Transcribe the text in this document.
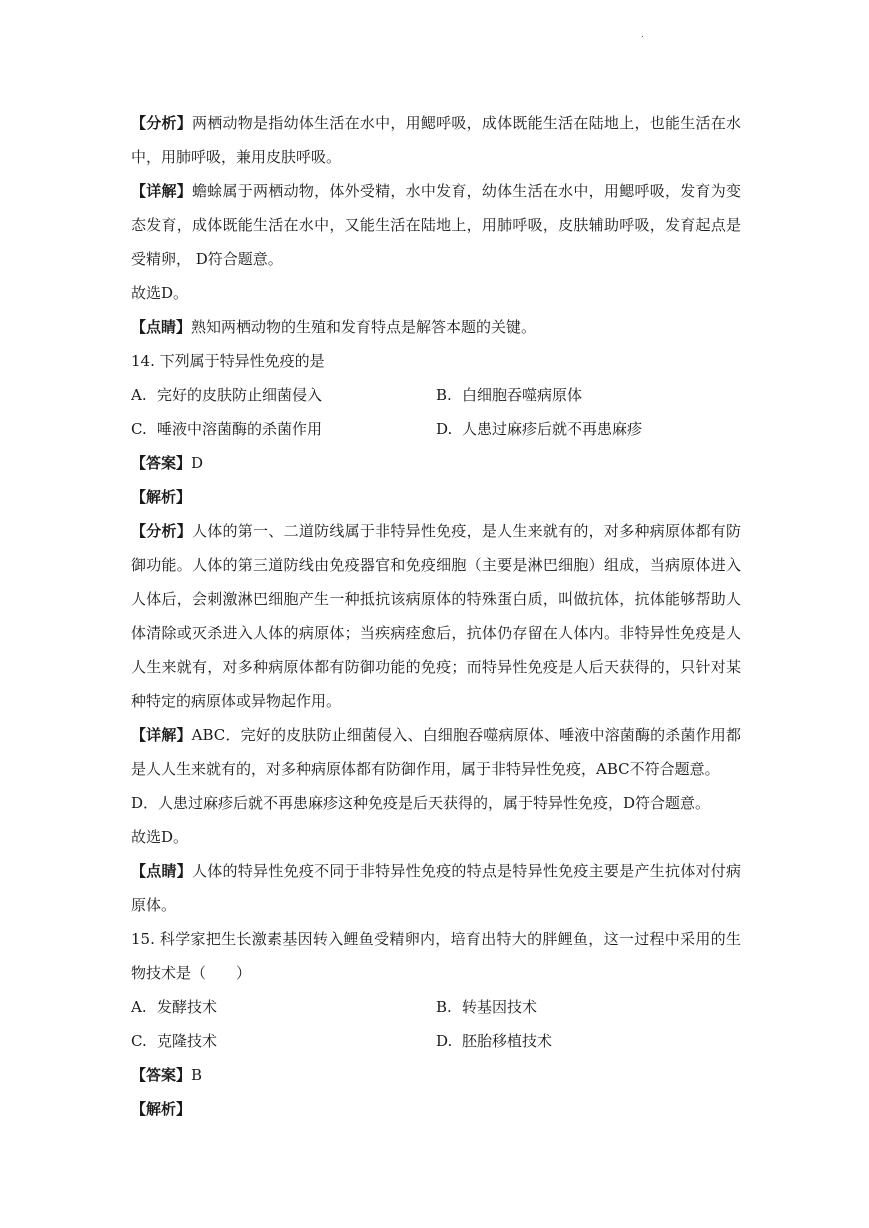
.

【分析】两栖动物是指幼体生活在水中，用鳃呼吸，成体既能生活在陆地上，也能生活在水中，用肺呼吸，兼用皮肤呼吸。

【详解】蟾蜍属于两栖动物，体外受精，水中发育，幼体生活在水中，用鳃呼吸，发育为变态发育，成体既能生活在水中，又能生活在陆地上，用肺呼吸，皮肤辅助呼吸，发育起点是受精卵， D符合题意。

故选D。

【点睛】熟知两栖动物的生殖和发育特点是解答本题的关键。

14. 下列属于特异性免疫的是

A. 完好的皮肤防止细菌侵入	B. 白细胞吞噬病原体
C. 唾液中溶菌酶的杀菌作用	D. 人患过麻疹后就不再患麻疹

【答案】D

【解析】

【分析】人体的第一、二道防线属于非特异性免疫，是人生来就有的，对多种病原体都有防御功能。人体的第三道防线由免疫器官和免疫细胞（主要是淋巴细胞）组成，当病原体进入人体后，会刺激淋巴细胞产生一种抵抗该病原体的特殊蛋白质，叫做抗体，抗体能够帮助人体清除或灭杀进入人体的病原体；当疾病痊愈后，抗体仍存留在人体内。非特异性免疫是人人生来就有，对多种病原体都有防御功能的免疫；而特异性免疫是人后天获得的，只针对某种特定的病原体或异物起作用。

【详解】ABC．完好的皮肤防止细菌侵入、白细胞吞噬病原体、唾液中溶菌酶的杀菌作用都是人人生来就有的，对多种病原体都有防御作用，属于非特异性免疫，ABC不符合题意。

D．人患过麻疹后就不再患麻疹这种免疫是后天获得的，属于特异性免疫，D符合题意。

故选D。

【点睛】人体的特异性免疫不同于非特异性免疫的特点是特异性免疫主要是产生抗体对付病原体。

15. 科学家把生长激素基因转入鲤鱼受精卵内，培育出特大的胖鲤鱼，这一过程中采用的生物技术是（　　）

A. 发酵技术	B. 转基因技术
C. 克隆技术	D. 胚胎移植技术

【答案】B

【解析】
